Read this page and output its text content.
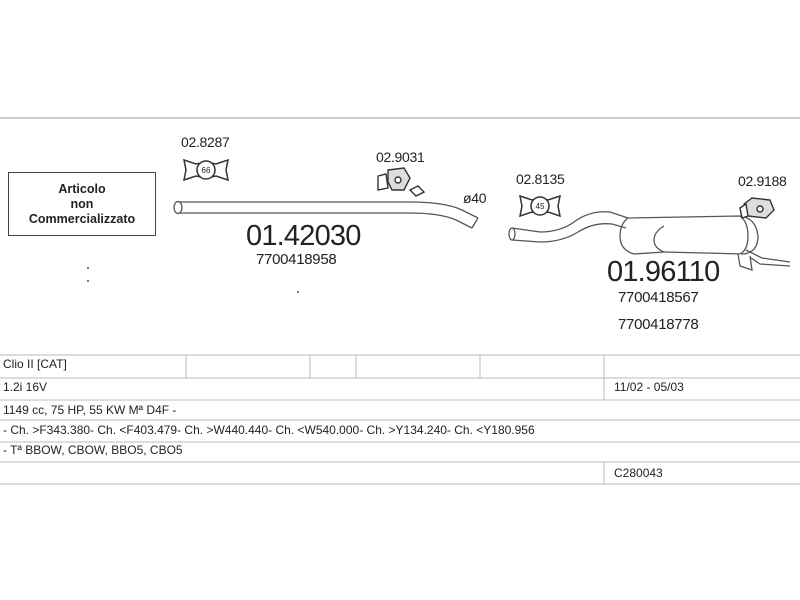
66
45
Articolo
non
Commercializzato
02.8287
02.9031
ø40
02.8135	02.9188
01.42030
7700418958	01.96110
7700418567
7700418778
Clio II [CAT]
1.2i 16V	11/02 - 05/03
1149 cc, 75 HP, 55 KW Mª D4F -
- Ch. >F343.380- Ch. <F403.479- Ch. >W440.440- Ch. <W540.000- Ch. >Y134.240- Ch. <Y180.956
- Tª BBOW, CBOW, BBO5, CBO5
C280043
